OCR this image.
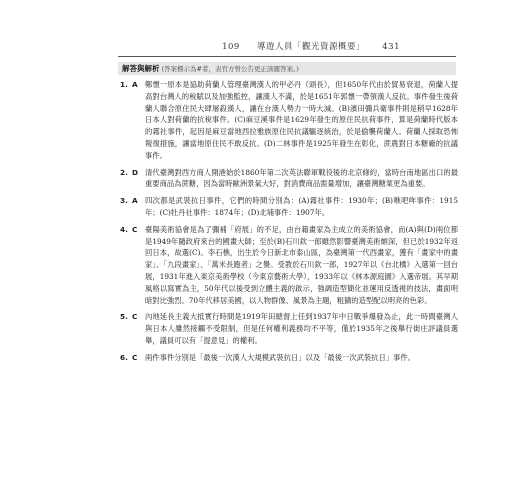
109 導遊人員「觀光資源概要」 431
解答與解析 (答案標示為#者，表官方曾公告更正該題答案。)
1. A 鄭懷一原本是協助荷蘭人管理臺灣漢人的甲必丹（頭長），但1650年代由於貿易衰退，荷蘭人提高對台灣人的稅賦以及加強監控，讓漢人不滿，於是1651年郭懷一帶領漢人反抗。事件發生後荷蘭人聯合原住民大肆屠殺漢人，讓在台漢人勢力一時大減。(B)濱田彌兵衛事件則是稍早1628年日本人對荷蘭的抗稅事件。(C)麻豆溪事件是1629年發生的原住民抗荷事件，算是荷蘭時代版本的霧社事件，起因是麻豆當地西拉雅族原住民抗議驅逐統治，於是偷襲荷蘭人。荷蘭人採取恐怖報復措施，讓當地原住民不敢反抗。(D)二林事件是1925年發生在彰化，蔗農對日本糖廠的抗議事件。
2. D 清代臺灣對西方商人開港始於1860年第二次英法聯軍戰役後的北京條約，當時台南地區出口的最重要商品為蔗糖，因為當時歐洲景氣大好，對消費商品需量增加，讓臺灣糖業更為重要。
3. A 四次都是武裝抗日事件，它們的時間分別為：(A)霧社事件：1930年；(B)噍吧哖事件：1915年；(C)牡丹社事件：1874年；(D)北埔事件：1907年。
4. C 臺陽美術協會是為了彌補「府展」的不足，由台籍畫家為主成立的美術協會，而(A)與(D)兩位都是1949年隨政府來台的國畫大師；至於(B)石川欽一郎雖然影響臺灣美術頗深，但已於1932年返回日本，故選(C)。李石樵，出生於今日新北市泰山區，為臺灣第一代西畫家，獲有「畫家中的畫家」、「九段畫家」、「萬米長跑者」之譽。受教於石川欽一郎，1927年以《台北橋》入選第一回台展，1931年進入東京美術學校（今東京藝術大學），1933年以《林本源庭園》入選帝展。其早期風格以寫實為主，50年代以後受到立體主義的啟示，強調造型簡化並運用反透視的技法，畫面明暗對比強烈。70年代移居美國，以人物群像、風景為主題，粗獷的造型配以明亮的色彩。
5. C 內地延長主義大抵實行時間是1919年田總督上任到1937年中日戰爭爆發為止，此一時間臺灣人與日本人雖然接觸不受限制，但是任何權利義務均不平等，僅於1935年之後舉行街庄評議員選舉，議員可以有「提意見」的權利。
6. C 兩件事件分別是「最後一次漢人大規模武裝抗日」以及「最後一次武裝抗日」事件。
